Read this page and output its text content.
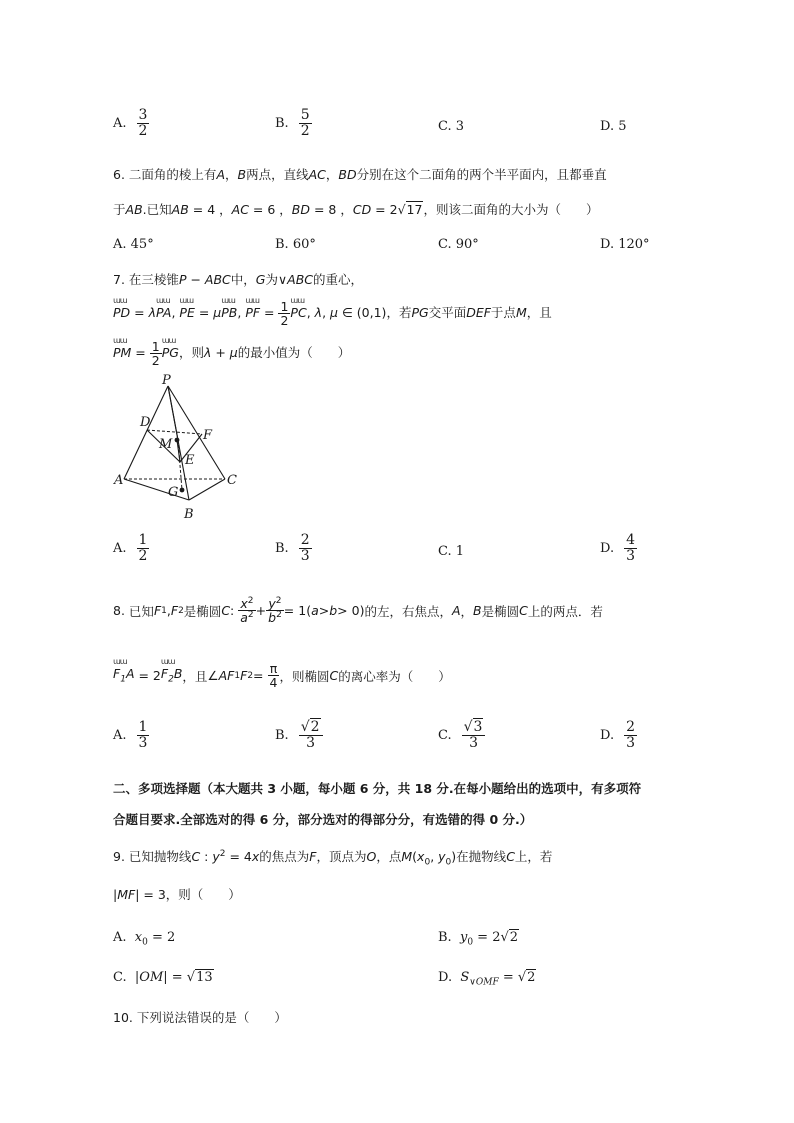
A. $\frac{3}{2}$	B. $\frac{5}{2}$	C. 3	D. 5
6. 二面角的棱上有A，B两点，直线AC，BD分别在这个二面角的两个半平面内，且都垂直
于AB.已知AB = 4 ，AC = 6 ，BD = 8 ，CD = 2√17，则该二面角的大小为（　　）
A. 45°	B. 60°	C. 90°	D. 120°
7. 在三棱锥P − ABC中，G为∨ABC的重心，
ɯɯ PD = λɯɯ PA, ɯɯ PE = μɯɯ PB, ɯɯ PF = $\frac{1}{2}$ ɯɯ PC, λ, μ ∈ (0,1)，若PG交平面DEF于点M，且
ɯɯ PM = $\frac{1}{2}$ ɯɯ PG，则λ + μ的最小值为（　　）
P
D
F
M
E
A	C
G
B
A. $\frac{1}{2}$	B. $\frac{2}{3}$	C. 1	D. $\frac{4}{3}$
8.
已知 F 1 , F 2 是椭圆 C : $\frac{x^2}{a^2} + \frac{y^2}{b^2} = 1$( a > b > 0) 的左，右焦点， A ， B 是椭圆 C 上的两点．若
ɯɯ $F_1A = 2$ ɯɯ $F_2B$ ，且 ∠ AF 1 F $2 = \frac{\pi}{4}$ ，则椭圆 C 的离心率为（　　）
A. $\frac{1}{3}$	B. $\frac{√2}{3}$	C. $\frac{√3}{3}$	D. $\frac{2}{3}$
二、多项选择题（本大题共 3 小题，每小题 6 分，共 18 分.在每小题给出的选项中，有多项符
合题目要求.全部选对的得 6 分，部分选对的得部分分，有选错的得 0 分.）
9. 已知抛物线C : $y^2 = 4x$的焦点为F，顶点为O，点$M(x_0$, $y_0$)在抛物线C上，若
|MF| = 3，则（　　）
A. $x_0 = 2$	B. $y_0 = 2√2$
C.  |OM| = √13	D. $S_{\vee OMF} = √2$
10. 下列说法错误的是（　　）
